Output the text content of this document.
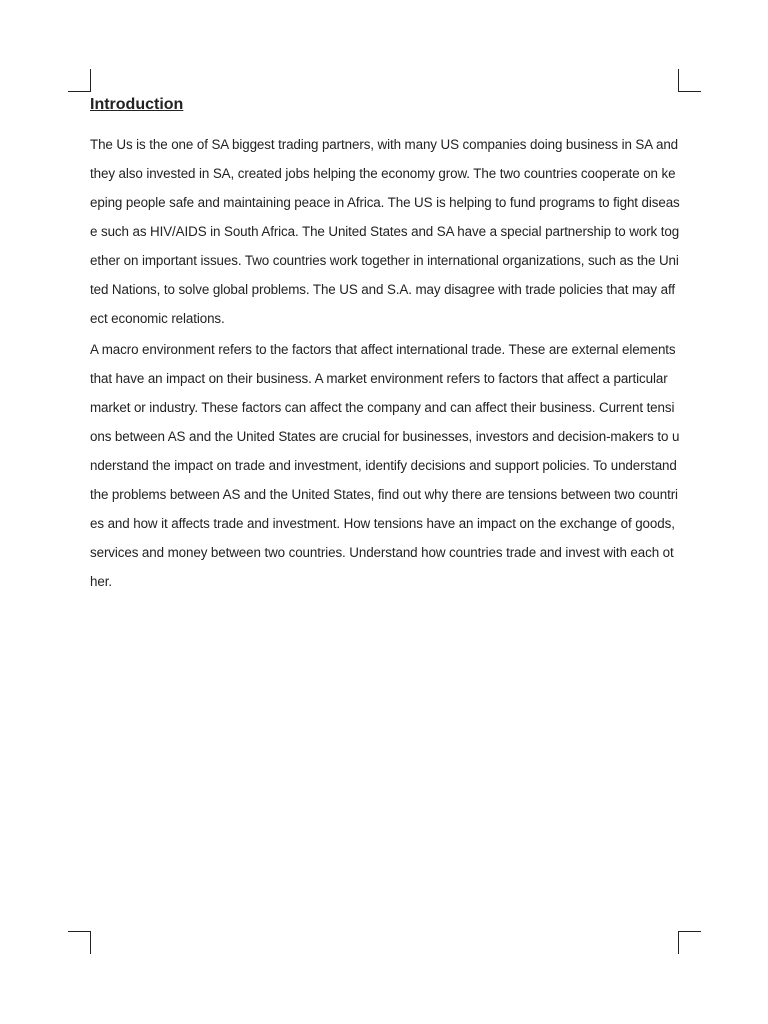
Introduction

The Us is the one of SA biggest trading partners, with many US companies doing business in SA and they also invested in SA, created jobs helping the economy grow. The two countries cooperate on keeping people safe and maintaining peace in Africa. The US is helping to fund programs to fight disease such as HIV/AIDS in South Africa. The United States and SA have a special partnership to work together on important issues. Two countries work together in international organizations, such as the United Nations, to solve global problems. The US and S.A. may disagree with trade policies that may affect economic relations.

A macro environment refers to the factors that affect international trade. These are external elements that have an impact on their business. A market environment refers to factors that affect a particular market or industry. These factors can affect the company and can affect their business. Current tensions between AS and the United States are crucial for businesses, investors and decision-makers to understand the impact on trade and investment, identify decisions and support policies. To understand the problems between AS and the United States, find out why there are tensions between two countries and how it affects trade and investment. How tensions have an impact on the exchange of goods, services and money between two countries. Understand how countries trade and invest with each other.
